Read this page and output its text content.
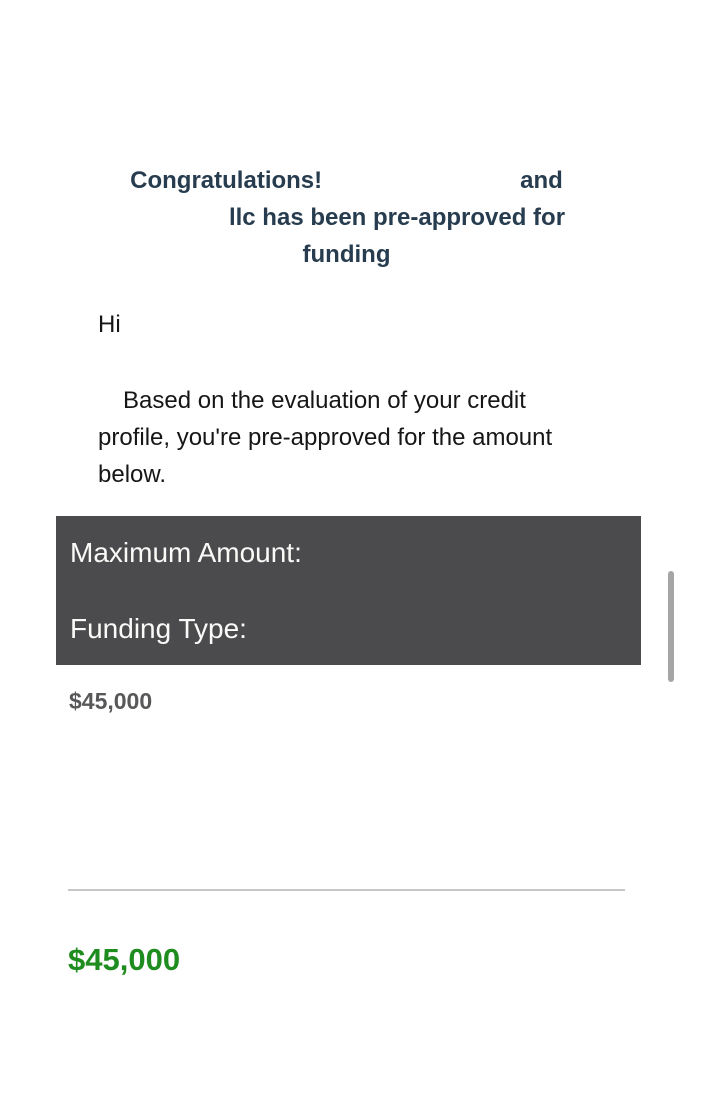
Congratulations!	and
llc has been pre-approved for
funding
Hi
Based on the evaluation of your credit
profile, you're pre-approved for the amount
below.
Maximum Amount:
Funding Type:
$45,000
$45,000
